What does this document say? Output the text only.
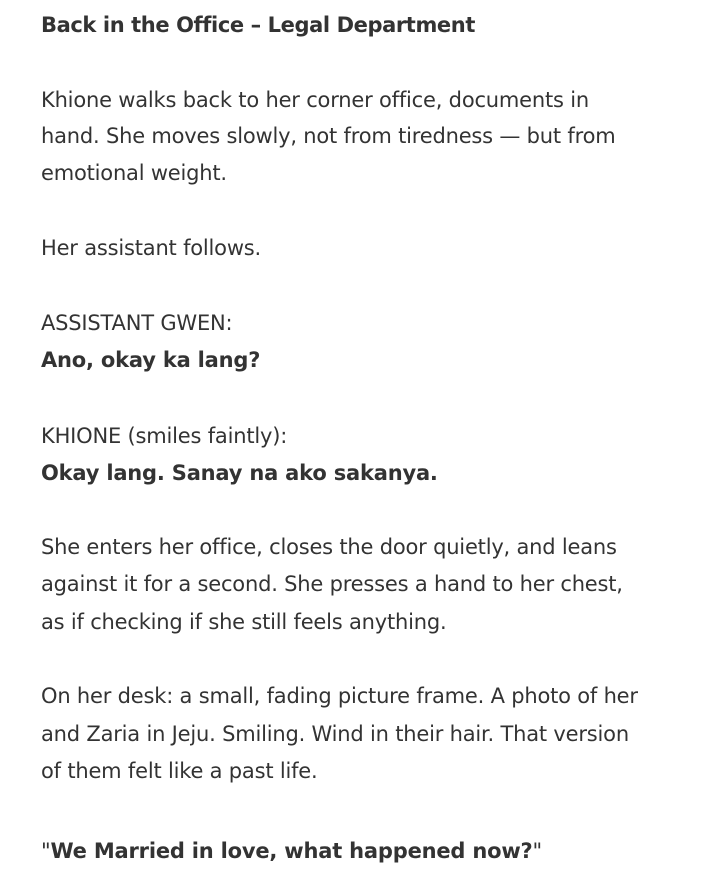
Back in the Office – Legal Department
Khione walks back to her corner office, documents in
hand. She moves slowly, not from tiredness — but from
emotional weight.
Her assistant follows.
ASSISTANT GWEN:
Ano, okay ka lang?
KHIONE (smiles faintly):
Okay lang. Sanay na ako sakanya.
She enters her office, closes the door quietly, and leans
against it for a second. She presses a hand to her chest,
as if checking if she still feels anything.
On her desk: a small, fading picture frame. A photo of her
and Zaria in Jeju. Smiling. Wind in their hair. That version
of them felt like a past life.
"We Married in love, what happened now?"
